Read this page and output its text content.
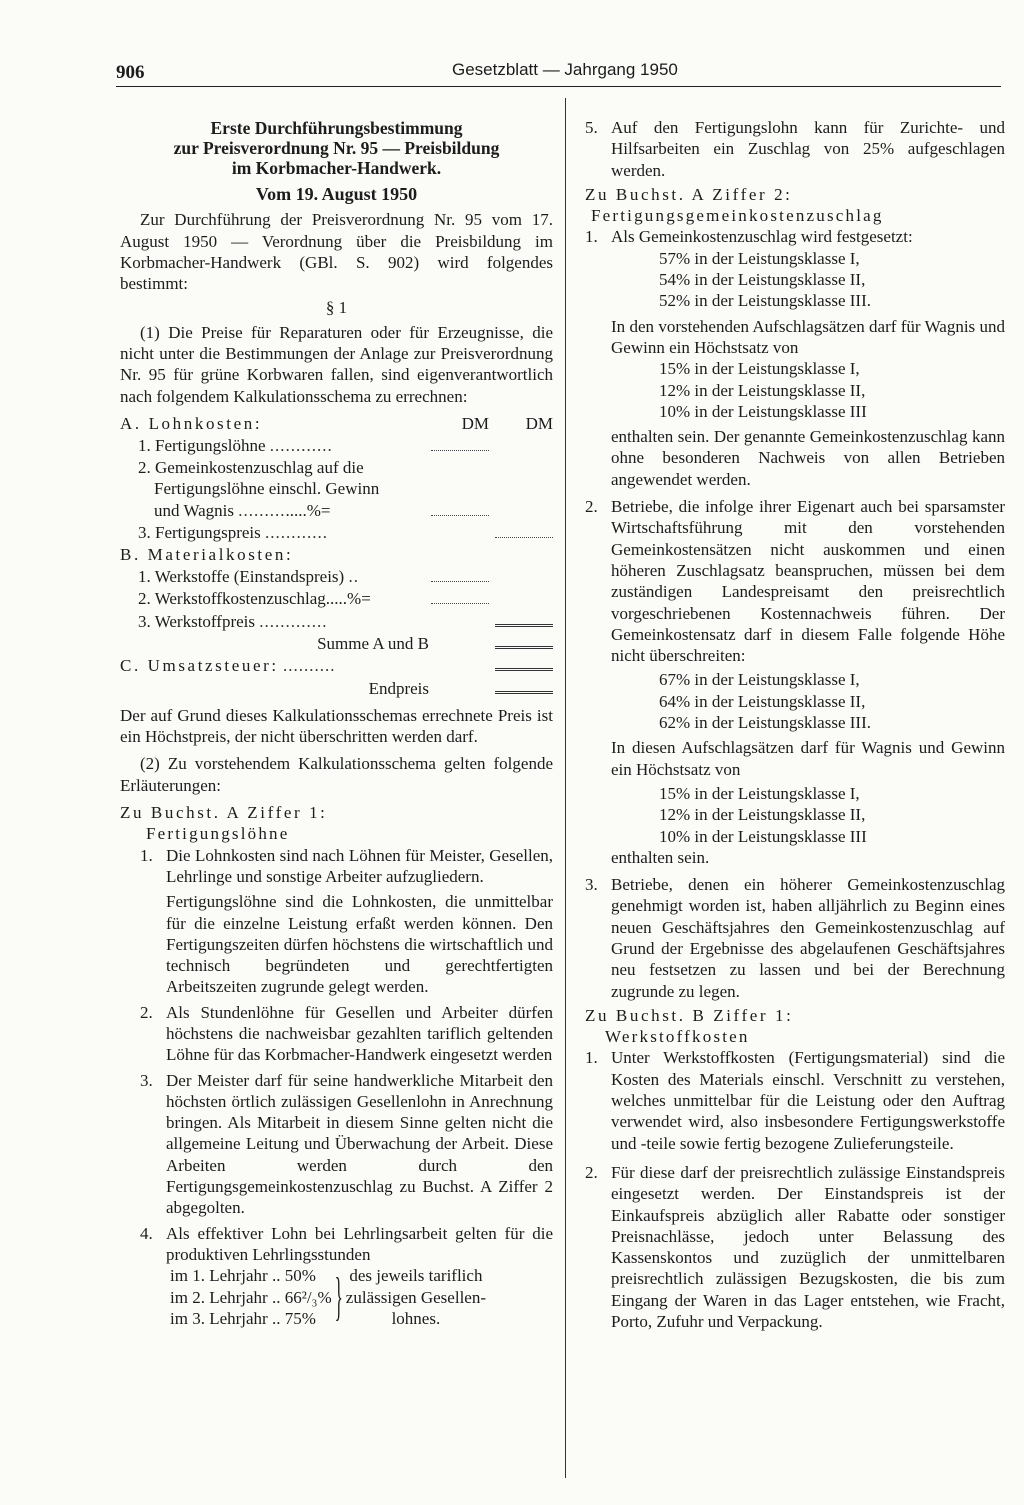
906	Gesetzblatt — Jahrgang 1950
Erste Durchführungsbestimmung
zur Preisverordnung Nr. 95 — Preisbildung
im Korbmacher-Handwerk.
Vom 19. August 1950

Zur Durchführung der Preisverordnung Nr. 95 vom 17. August 1950 — Verordnung über die Preisbildung im Korbmacher-Handwerk (GBl. S. 902) wird folgendes bestimmt:

§ 1

(1) Die Preise für Reparaturen oder für Erzeugnisse, die nicht unter die Bestimmungen der Anlage zur Preisverordnung Nr. 95 für grüne Korbwaren fallen, sind eigenverantwortlich nach folgendem Kalkulationsschema zu errechnen:

A. Lohnkosten:	DM	DM
1. Fertigungslöhne ............		
2. Gemeinkostenzuschlag auf die		
Fertigungslöhne einschl. Gewinn		
und Wagnis ..............%=		
3. Fertigungspreis ............		
B. Materialkosten:		
1. Werkstoffe (Einstandspreis) ..		
2. Werkstoffkostenzuschlag.....%=		
3. Werkstoffpreis .............		
Summe A und B		
C. Umsatzsteuer: ..........		
Endpreis		

Der auf Grund dieses Kalkulationsschemas errechnete Preis ist ein Höchstpreis, der nicht überschritten werden darf.

(2) Zu vorstehendem Kalkulationsschema gelten folgende Erläuterungen:

Zu Buchst. A Ziffer 1:
Fertigungslöhne
1. Die Lohnkosten sind nach Löhnen für Meister, Gesellen, Lehrlinge und sonstige Arbeiter aufzugliedern.

Fertigungslöhne sind die Lohnkosten, die unmittelbar für die einzelne Leistung erfaßt werden können. Den Fertigungszeiten dürfen höchstens die wirtschaftlich und technisch begründeten und gerechtfertigten Arbeitszeiten zugrunde gelegt werden.

2. Als Stundenlöhne für Gesellen und Arbeiter dürfen höchstens die nachweisbar gezahlten tariflich geltenden Löhne für das Korbmacher-Handwerk eingesetzt werden

3. Der Meister darf für seine handwerkliche Mitarbeit den höchsten örtlich zulässigen Gesellenlohn in Anrechnung bringen. Als Mitarbeit in diesem Sinne gelten nicht die allgemeine Leitung und Überwachung der Arbeit. Diese Arbeiten werden durch den Fertigungsgemeinkostenzuschlag zu Buchst. A Ziffer 2 abgegolten.

4. Als effektiver Lohn bei Lehrlingsarbeit gelten für die produktiven Lehrlingsstunden

im 1. Lehrjahr .. 50%
im 2. Lehrjahr .. 66²/₃%
im 3. Lehrjahr .. 75%	} des jeweils tariflich
zulässigen Gesellen-
lohnes.
5. Auf den Fertigungslohn kann für Zurichte- und Hilfsarbeiten ein Zuschlag von 25% aufgeschlagen werden.

Zu Buchst. A Ziffer 2:
Fertigungsgemeinkostenzuschlag
1. Als Gemeinkostenzuschlag wird festgesetzt:

57% in der Leistungsklasse I,
54% in der Leistungsklasse II,
52% in der Leistungsklasse III.

In den vorstehenden Aufschlagsätzen darf für Wagnis und Gewinn ein Höchstsatz von

15% in der Leistungsklasse I,
12% in der Leistungsklasse II,
10% in der Leistungsklasse III

enthalten sein. Der genannte Gemeinkostenzuschlag kann ohne besonderen Nachweis von allen Betrieben angewendet werden.

2. Betriebe, die infolge ihrer Eigenart auch bei sparsamster Wirtschaftsführung mit den vorstehenden Gemeinkostensätzen nicht auskommen und einen höheren Zuschlagsatz beanspruchen, müssen bei dem zuständigen Landespreisamt den preisrechtlich vorgeschriebenen Kostennachweis führen. Der Gemeinkostensatz darf in diesem Falle folgende Höhe nicht überschreiten:

67% in der Leistungsklasse I,
64% in der Leistungsklasse II,
62% in der Leistungsklasse III.

In diesen Aufschlagsätzen darf für Wagnis und Gewinn ein Höchstsatz von

15% in der Leistungsklasse I,
12% in der Leistungsklasse II,
10% in der Leistungsklasse III

enthalten sein.

3. Betriebe, denen ein höherer Gemeinkostenzuschlag genehmigt worden ist, haben alljährlich zu Beginn eines neuen Geschäftsjahres den Gemeinkostenzuschlag auf Grund der Ergebnisse des abgelaufenen Geschäftsjahres neu festsetzen zu lassen und bei der Berechnung zugrunde zu legen.

Zu Buchst. B Ziffer 1:
Werkstoffkosten
1. Unter Werkstoffkosten (Fertigungsmaterial) sind die Kosten des Materials einschl. Verschnitt zu verstehen, welches unmittelbar für die Leistung oder den Auftrag verwendet wird, also insbesondere Fertigungswerkstoffe und -teile sowie fertig bezogene Zulieferungsteile.

2. Für diese darf der preisrechtlich zulässige Einstandspreis eingesetzt werden. Der Einstandspreis ist der Einkaufspreis abzüglich aller Rabatte oder sonstiger Preisnachlässe, jedoch unter Belassung des Kassenskontos und zuzüglich der unmittelbaren preisrechtlich zulässigen Bezugskosten, die bis zum Eingang der Waren in das Lager entstehen, wie Fracht, Porto, Zufuhr und Verpackung.
